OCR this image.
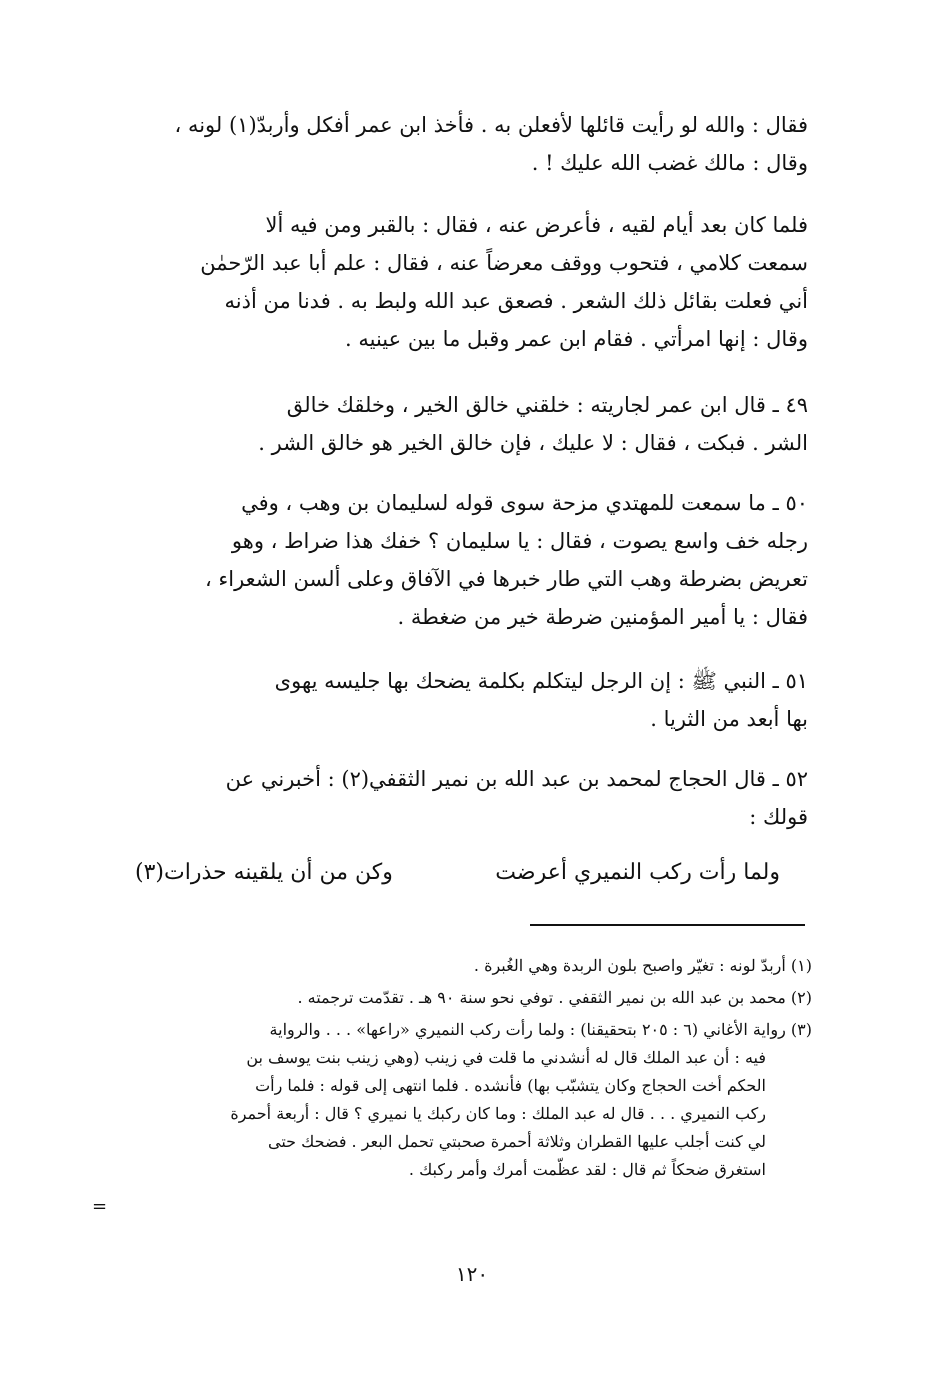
فقال : والله لو رأيت قائلها لأفعلن به . فأخذ ابن عمر أفكل وأربدّ(١) لونه ،
وقال : مالك غضب الله عليك ! .
فلما كان بعد أيام لقيه ، فأعرض عنه ، فقال : بالقبر ومن فيه ألا
سمعت كلامي ، فتحوب ووقف معرضاً عنه ، فقال : علم أبا عبد الرّحمٰن
أني فعلت بقائل ذلك الشعر . فصعق عبد الله ولبط به . فدنا من أذنه
وقال : إنها امرأتي . فقام ابن عمر وقبل ما بين عينيه .
٤٩ ـ قال ابن عمر لجاريته : خلقني خالق الخير ، وخلقك خالق
الشر . فبكت ، فقال : لا عليك ، فإن خالق الخير هو خالق الشر .
٥٠ ـ ما سمعت للمهتدي مزحة سوى قوله لسليمان بن وهب ، وفي
رجله خف واسع يصوت ، فقال : يا سليمان ؟ خفك هذا ضراط ، وهو
تعريض بضرطة وهب التي طار خبرها في الآفاق وعلى ألسن الشعراء ،
فقال : يا أمير المؤمنين ضرطة خير من ضغطة .
٥١ ـ النبي ﷺ : إن الرجل ليتكلم بكلمة يضحك بها جليسه يهوى
بها أبعد من الثريا .
٥٢ ـ قال الحجاج لمحمد بن عبد الله بن نمير الثقفي(٢) : أخبرني عن
قولك :
ولما رأت ركب النميري أعرضت
وكن من أن يلقينه حذرات(٣)
(١) أربدّ لونه : تغيّر واصبح بلون الربدة وهي الغُبرة .
(٢) محمد بن عبد الله بن نمير الثقفي . توفي نحو سنة ٩٠ هـ . تقدّمت ترجمته .
(٣) رواية الأغاني (٦ : ٢٠٥ بتحقيقنا) : ولما رأت ركب النميري «راعها» . . . والرواية
فيه : أن عبد الملك قال له أنشدني ما قلت في زينب (وهي زينب بنت يوسف بن
الحكم أخت الحجاج وكان يتشبّب بها) فأنشده . فلما انتهى إلى قوله : فلما رأت
ركب النميري . . . قال له عبد الملك : وما كان ركبك يا نميري ؟ قال : أربعة أحمرة
لي كنت أجلب عليها القطران وثلاثة أحمرة صحبتي تحمل البعر . فضحك حتى
استغرق ضحكاً ثم قال : لقد عظّمت أمرك وأمر ركبك .
=
١٢٠
